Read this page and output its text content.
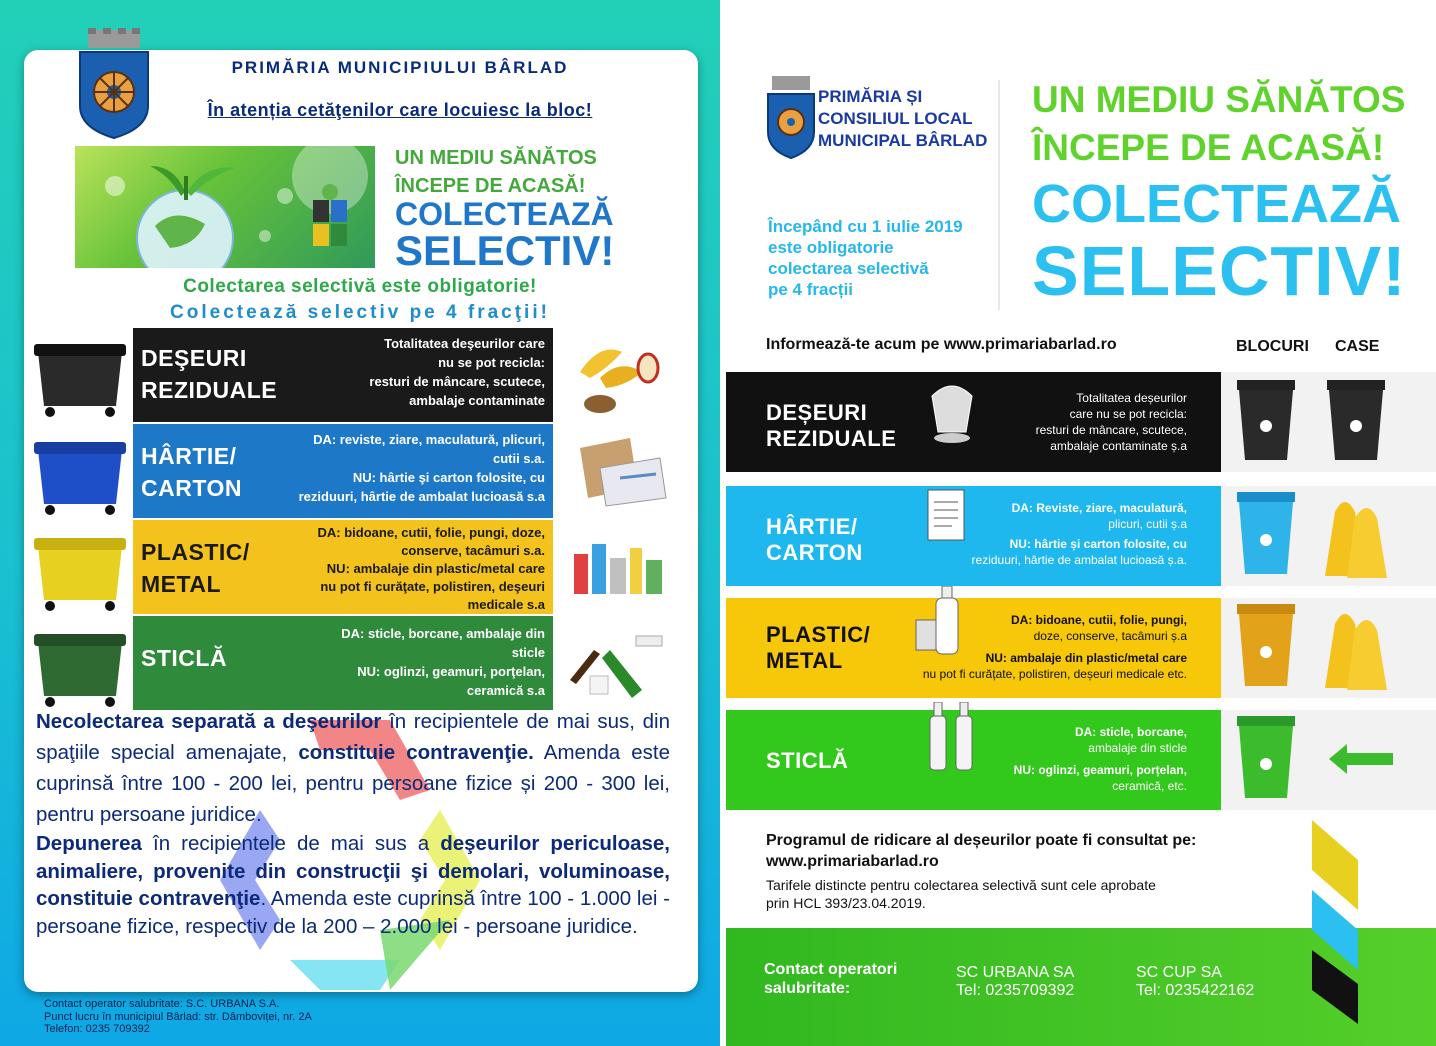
PRIMĂRIA MUNICIPIULUI BÂRLAD
În atenția cetăţenilor care locuiesc la bloc!
UN MEDIU SĂNĂTOS
ÎNCEPE DE ACASĂ!
COLECTEAZĂ
SELECTIV!
Colectarea selectivă este obligatorie!
Colectează selectiv pe 4 fracţii!
DEŞEURI
REZIDUALE
Totalitatea deşeurilor care
nu se pot recicla:
resturi de mâncare, scutece,
ambalaje contaminate
HÂRTIE/
CARTON
DA: reviste, ziare, maculatură, plicuri,
cutii s.a.
NU: hârtie şi carton folosite, cu
reziduuri, hârtie de ambalat lucioasă s.a
PLASTIC/
METAL
DA: bidoane, cutii, folie, pungi, doze,
conserve, tacâmuri s.a.
NU: ambalaje din plastic/metal care
nu pot fi curăţate, polistiren, deşeuri
medicale s.a
STICLĂ
DA: sticle, borcane, ambalaje din
sticle
NU: oglinzi, geamuri, porţelan,
ceramică s.a
Necolectarea separată a deşeurilor în recipientele de mai sus, din spaţiile special amenajate, constituie contravenţie. Amenda este cuprinsă între 100 - 200 lei, pentru persoane fizice și 200 - 300 lei, pentru persoane juridice.
Depunerea în recipientele de mai sus a deşeurilor periculoase, animaliere, provenite din construcţii şi demolari, voluminoase, constituie contravenţie. Amenda este cuprinsă între 100 - 1.000 lei - persoane fizice, respectiv de la 200 – 2.000 lei - persoane juridice.
Contact operator salubritate: S.C. URBANA S.A.
Punct lucru în municipiul Bârlad: str. Dâmboviței, nr. 2A
Telefon: 0235 709392
PRIMĂRIA ȘI
CONSILIUL LOCAL
MUNICIPAL BÂRLAD
Începând cu 1 iulie 2019
este obligatorie
colectarea selectivă
pe 4 fracții
UN MEDIU SĂNĂTOS
ÎNCEPE DE ACASĂ!
COLECTEAZĂ
SELECTIV!
Informează-te acum pe www.primariabarlad.ro	BLOCURI CASE
DEȘEURI
REZIDUALE
Totalitatea deșeurilor
care nu se pot recicla:
resturi de mâncare, scutece,
ambalaje contaminate ș.a
HÂRTIE/
CARTON
DA: Reviste, ziare, maculatură,
plicuri, cutii ș.a
NU: hârtie și carton folosite, cu
reziduuri, hârtie de ambalat lucioasă ș.a.
PLASTIC/
METAL
DA: bidoane, cutii, folie, pungi,
doze, conserve, tacâmuri ș.a
NU: ambalaje din plastic/metal care
nu pot fi curățate, polistiren, deșeuri medicale etc.
STICLĂ
DA: sticle, borcane,
ambalaje din sticle
NU: oglinzi, geamuri, porțelan,
ceramică, etc.
Programul de ridicare al deșeurilor poate fi consultat pe:
www.primariabarlad.ro
Tarifele distincte pentru colectarea selectivă sunt cele aprobate
prin HCL 393/23.04.2019.
Contact operatori
salubritate:
SC URBANA SA
Tel: 0235709392
SC CUP SA
Tel: 0235422162
